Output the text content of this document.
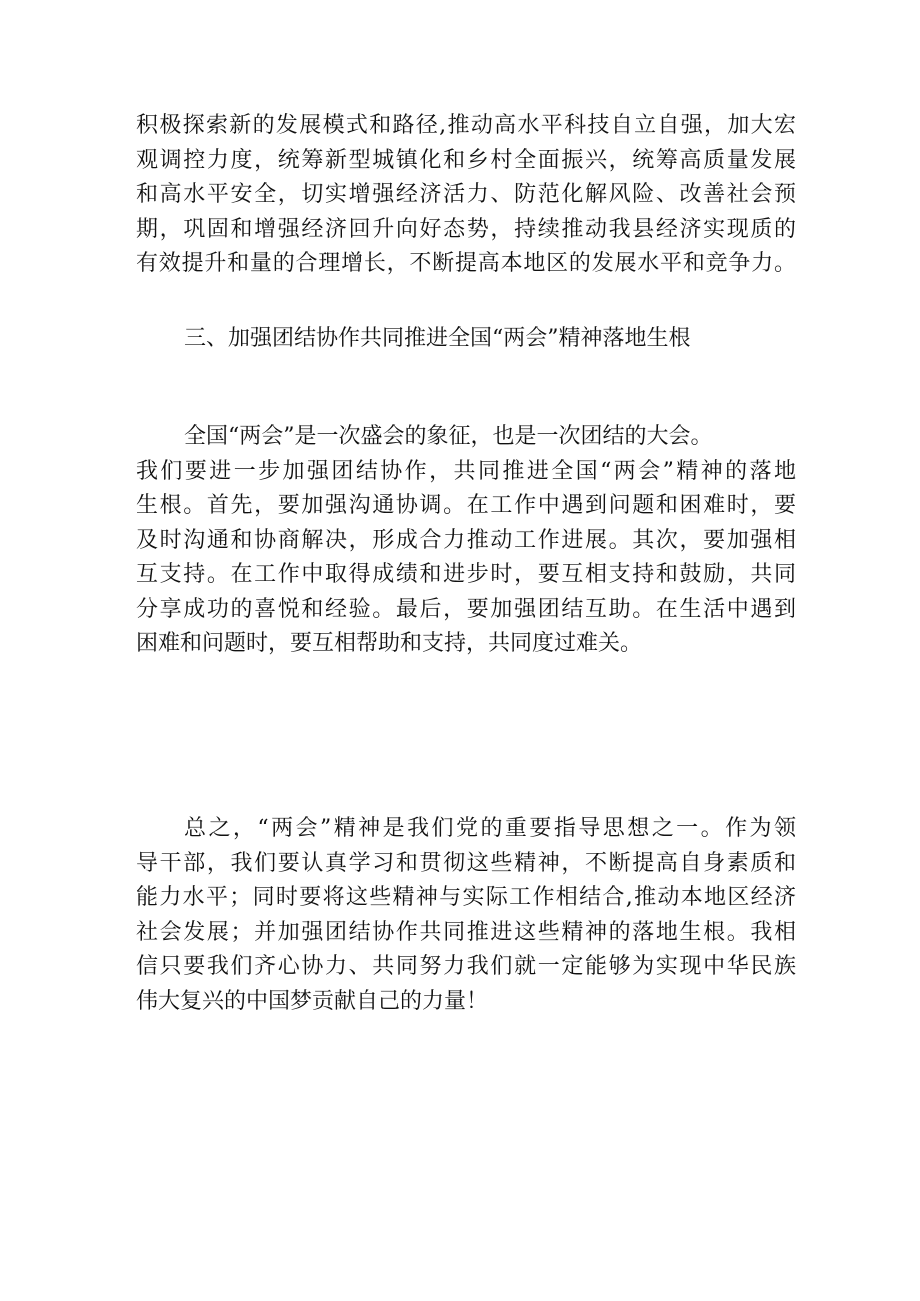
积极探索新的发展模式和路径,推动高水平科技自立自强，加大宏
观调控力度，统筹新型城镇化和乡村全面振兴，统筹高质量发展
和高水平安全，切实增强经济活力、防范化解风险、改善社会预
期，巩固和增强经济回升向好态势，持续推动我县经济实现质的
有效提升和量的合理增长，不断提高本地区的发展水平和竞争力。
三、加强团结协作共同推进全国“两会”精神落地生根
全国“两会”是一次盛会的象征，也是一次团结的大会。
我们要进一步加强团结协作，共同推进全国“两会”精神的落地
生根。首先，要加强沟通协调。在工作中遇到问题和困难时，要
及时沟通和协商解决，形成合力推动工作进展。其次，要加强相
互支持。在工作中取得成绩和进步时，要互相支持和鼓励，共同
分享成功的喜悦和经验。最后，要加强团结互助。在生活中遇到
困难和问题时，要互相帮助和支持，共同度过难关。
总之，“两会”精神是我们党的重要指导思想之一。作为领
导干部，我们要认真学习和贯彻这些精神，不断提高自身素质和
能力水平；同时要将这些精神与实际工作相结合,推动本地区经济
社会发展；并加强团结协作共同推进这些精神的落地生根。我相
信只要我们齐心协力、共同努力我们就一定能够为实现中华民族
伟大复兴的中国梦贡献自己的力量！
